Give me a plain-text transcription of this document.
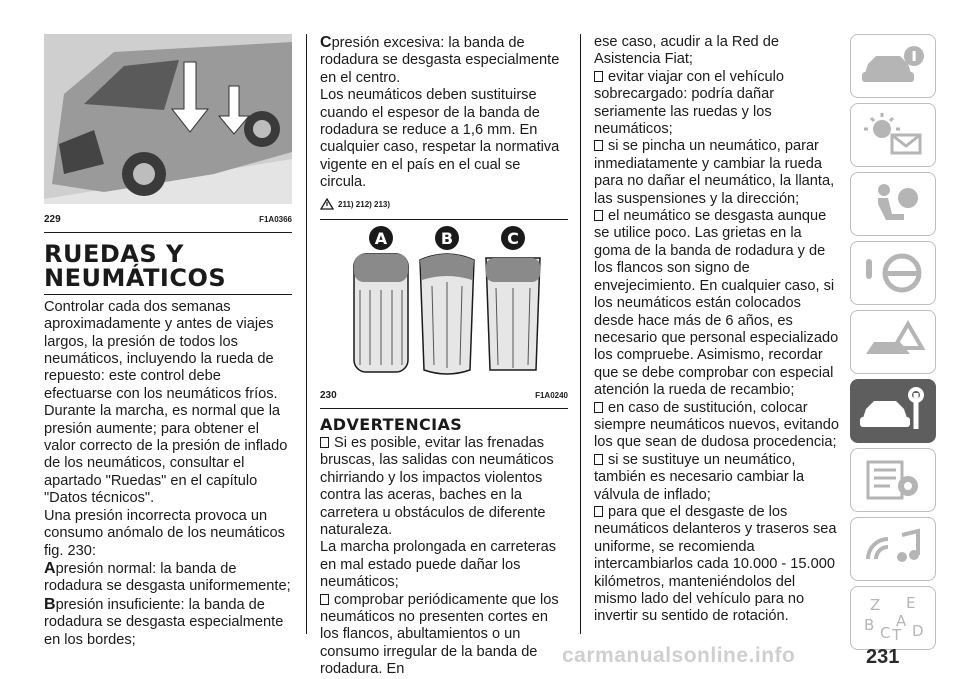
229	F1A0366
RUEDAS Y NEUMÁTICOS

Controlar cada dos semanas aproximadamente y antes de viajes largos, la presión de todos los neumáticos, incluyendo la rueda de repuesto: este control debe efectuarse con los neumáticos fríos.

Durante la marcha, es normal que la presión aumente; para obtener el valor correcto de la presión de inflado de los neumáticos, consultar el apartado "Ruedas" en el capítulo "Datos técnicos".

Una presión incorrecta provoca un consumo anómalo de los neumáticos fig. 230:

Apresión normal: la banda de rodadura se desgasta uniformemente;

Bpresión insuficiente: la banda de rodadura se desgasta especialmente en los bordes;

Cpresión excesiva: la banda de rodadura se desgasta especialmente en el centro.

Los neumáticos deben sustituirse cuando el espesor de la banda de rodadura se reduce a 1,6 mm. En cualquier caso, respetar la normativa vigente en el país en el cual se circula.

211) 212) 213)
A	B	C
230	F1A0240
ADVERTENCIAS

Si es posible, evitar las frenadas bruscas, las salidas con neumáticos chirriando y los impactos violentos contra las aceras, baches en la carretera u obstáculos de diferente naturaleza.

La marcha prolongada en carreteras en mal estado puede dañar los neumáticos;

comprobar periódicamente que los neumáticos no presenten cortes en los flancos, abultamientos o un consumo irregular de la banda de rodadura. En

ese caso, acudir a la Red de Asistencia Fiat;

evitar viajar con el vehículo sobrecargado: podría dañar seriamente las ruedas y los neumáticos;

si se pincha un neumático, parar inmediatamente y cambiar la rueda para no dañar el neumático, la llanta, las suspensiones y la dirección;

el neumático se desgasta aunque se utilice poco. Las grietas en la goma de la banda de rodadura y de los flancos son signo de envejecimiento. En cualquier caso, si los neumáticos están colocados desde hace más de 6 años, es necesario que personal especializado los compruebe. Asimismo, recordar que se debe comprobar con especial atención la rueda de recambio;

en caso de sustitución, colocar siempre neumáticos nuevos, evitando los que sean de dudosa procedencia;

si se sustituye un neumático, también es necesario cambiar la válvula de inflado;

para que el desgaste de los neumáticos delanteros y traseros sea uniforme, se recomienda intercambiarlos cada 10.000 - 15.000 kilómetros, manteniéndolos del mismo lado del vehículo para no invertir su sentido de rotación.

Z E
B A
C T D
carmanualsonline.info	231
